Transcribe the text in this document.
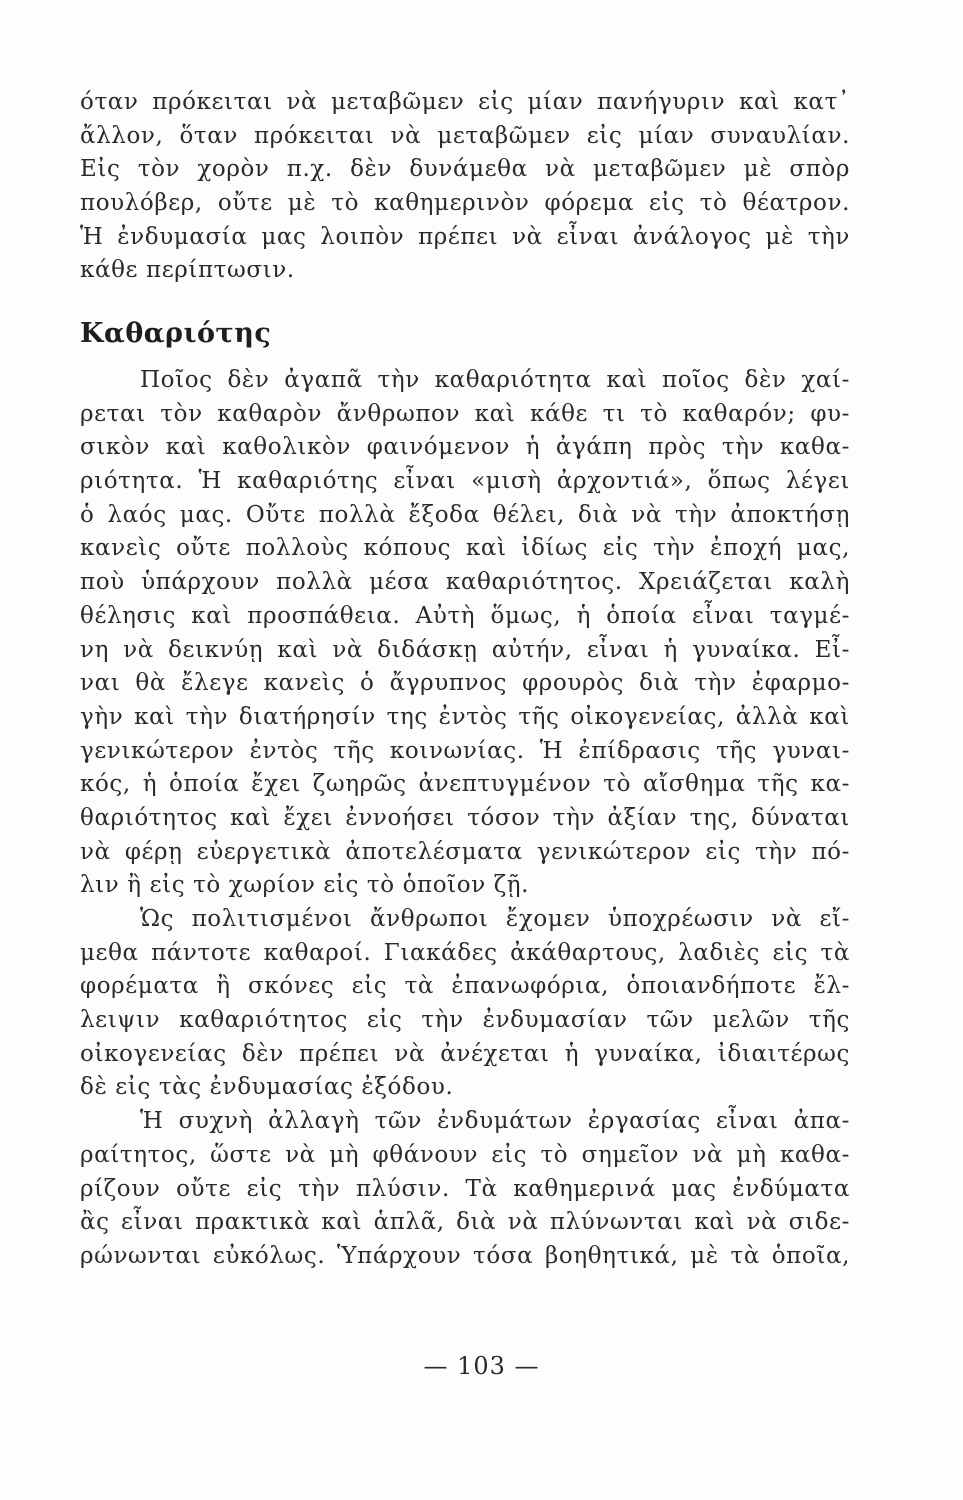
όταν πρόκειται νὰ μεταβῶμεν εἰς μίαν πανήγυριν καὶ κατ᾽
ἄλλον, ὅταν πρόκειται νὰ μεταβῶμεν εἰς μίαν συναυλίαν.
Εἰς τὸν χορὸν π.χ. δὲν δυνάμεθα νὰ μεταβῶμεν μὲ σπὸρ
πουλόβερ, οὔτε μὲ τὸ καθημερινὸν φόρεμα εἰς τὸ θέατρον.
Ἡ ἐνδυμασία μας λοιπὸν πρέπει νὰ εἶναι ἀνάλογος μὲ τὴν
κάθε περίπτωσιν.
Καθαριότης
Ποῖος δὲν ἀγαπᾶ τὴν καθαριότητα καὶ ποῖος δὲν χαί-
ρεται τὸν καθαρὸν ἄνθρωπον καὶ κάθε τι τὸ καθαρόν; φυ-
σικὸν καὶ καθολικὸν φαινόμενον ἡ ἀγάπη πρὸς τὴν καθα-
ριότητα. Ἡ καθαριότης εἶναι «μισὴ ἀρχοντιά», ὅπως λέγει
ὁ λαός μας. Οὔτε πολλὰ ἔξοδα θέλει, διὰ νὰ τὴν ἀποκτήσῃ
κανεὶς οὔτε πολλοὺς κόπους καὶ ἰδίως εἰς τὴν ἐποχή μας,
ποὺ ὑπάρχουν πολλὰ μέσα καθαριότητος. Χρειάζεται καλὴ
θέλησις καὶ προσπάθεια. Αὐτὴ ὅμως, ἡ ὁποία εἶναι ταγμέ-
νη νὰ δεικνύῃ καὶ νὰ διδάσκῃ αὐτήν, εἶναι ἡ γυναίκα. Εἶ-
ναι θὰ ἔλεγε κανεὶς ὁ ἄγρυπνος φρουρὸς διὰ τὴν ἐφαρμο-
γὴν καὶ τὴν διατήρησίν της ἐντὸς τῆς οἰκογενείας, ἀλλὰ καὶ
γενικώτερον ἐντὸς τῆς κοινωνίας. Ἡ ἐπίδρασις τῆς γυναι-
κός, ἡ ὁποία ἔχει ζωηρῶς ἀνεπτυγμένον τὸ αἴσθημα τῆς κα-
θαριότητος καὶ ἔχει ἐννοήσει τόσον τὴν ἀξίαν της, δύναται
νὰ φέρῃ εὐεργετικὰ ἀποτελέσματα γενικώτερον εἰς τὴν πό-
λιν ἢ εἰς τὸ χωρίον εἰς τὸ ὁποῖον ζῇ.
Ὡς πολιτισμένοι ἄνθρωποι ἔχομεν ὑποχρέωσιν νὰ εἴ-
μεθα πάντοτε καθαροί. Γιακάδες ἀκάθαρτους, λαδιὲς εἰς τὰ
φορέματα ἢ σκόνες εἰς τὰ ἐπανωφόρια, ὁποιανδήποτε ἔλ-
λειψιν καθαριότητος εἰς τὴν ἐνδυμασίαν τῶν μελῶν τῆς
οἰκογενείας δὲν πρέπει νὰ ἀνέχεται ἡ γυναίκα, ἰδιαιτέρως
δὲ εἰς τὰς ἐνδυμασίας ἐξόδου.
Ἡ συχνὴ ἀλλαγὴ τῶν ἐνδυμάτων ἐργασίας εἶναι ἀπα-
ραίτητος, ὥστε νὰ μὴ φθάνουν εἰς τὸ σημεῖον νὰ μὴ καθα-
ρίζουν οὔτε εἰς τὴν πλύσιν. Τὰ καθημερινά μας ἐνδύματα
ἂς εἶναι πρακτικὰ καὶ ἁπλᾶ, διὰ νὰ πλύνωνται καὶ νὰ σιδε-
ρώνωνται εὐκόλως. Ὑπάρχουν τόσα βοηθητικά, μὲ τὰ ὁποῖα,
— 103 —
